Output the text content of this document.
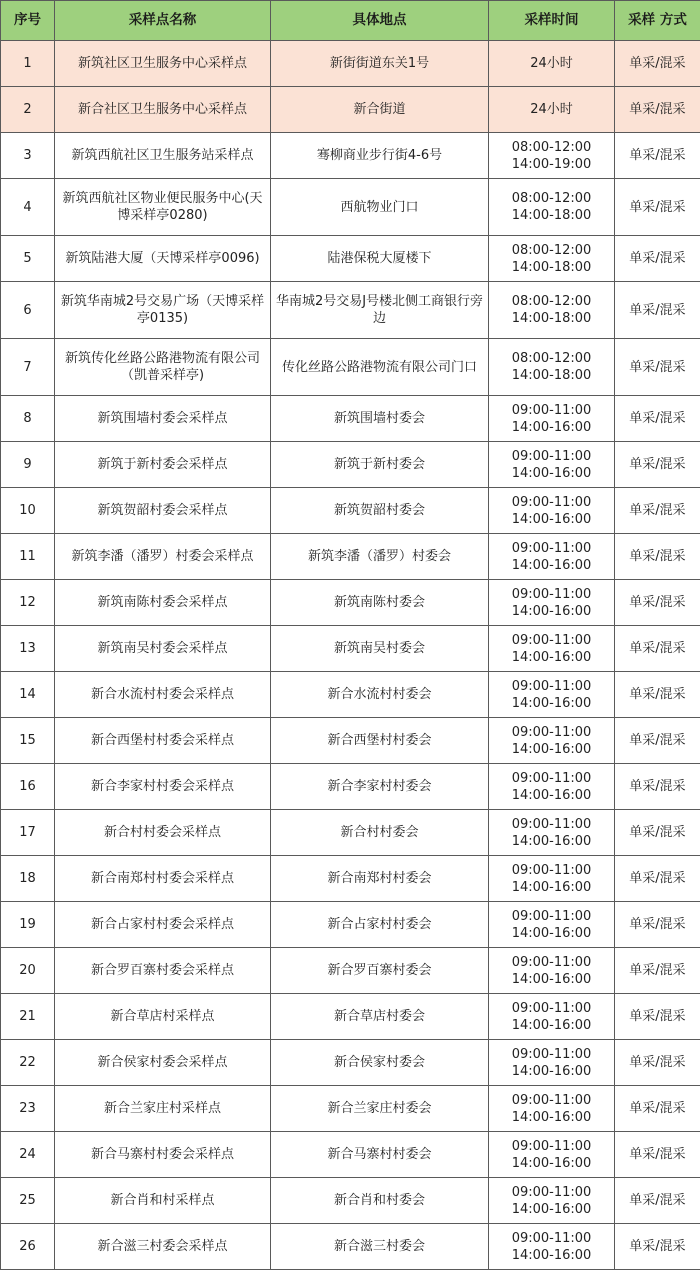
序号	采样点名称	具体地点	采样时间	采样 方式
1	新筑社区卫生服务中心采样点	新街街道东关1号	24小时	单采/混采
2	新合社区卫生服务中心采样点	新合街道	24小时	单采/混采
3	新筑西航社区卫生服务站采样点	骞柳商业步行街4-6号	08:00-12:00
14:00-19:00	单采/混采
4	新筑西航社区物业便民服务中心(天博采样亭0280)	西航物业门口	08:00-12:00
14:00-18:00	单采/混采
5	新筑陆港大厦（天博采样亭0096)	陆港保税大厦楼下	08:00-12:00
14:00-18:00	单采/混采
6	新筑华南城2号交易广场（天博采样亭0135)	华南城2号交易J号楼北侧工商银行旁边	08:00-12:00
14:00-18:00	单采/混采
7	新筑传化丝路公路港物流有限公司（凯普采样亭)	传化丝路公路港物流有限公司门口	08:00-12:00
14:00-18:00	单采/混采
8	新筑围墙村委会采样点	新筑围墙村委会	09:00-11:00
14:00-16:00	单采/混采
9	新筑于新村委会采样点	新筑于新村委会	09:00-11:00
14:00-16:00	单采/混采
10	新筑贺韶村委会采样点	新筑贺韶村委会	09:00-11:00
14:00-16:00	单采/混采
11	新筑李潘（潘罗）村委会采样点	新筑李潘（潘罗）村委会	09:00-11:00
14:00-16:00	单采/混采
12	新筑南陈村委会采样点	新筑南陈村委会	09:00-11:00
14:00-16:00	单采/混采
13	新筑南吴村委会采样点	新筑南吴村委会	09:00-11:00
14:00-16:00	单采/混采
14	新合水流村村委会采样点	新合水流村村委会	09:00-11:00
14:00-16:00	单采/混采
15	新合西堡村村委会采样点	新合西堡村村委会	09:00-11:00
14:00-16:00	单采/混采
16	新合李家村村委会采样点	新合李家村村委会	09:00-11:00
14:00-16:00	单采/混采
17	新合村村委会采样点	新合村村委会	09:00-11:00
14:00-16:00	单采/混采
18	新合南郑村村委会采样点	新合南郑村村委会	09:00-11:00
14:00-16:00	单采/混采
19	新合占家村村委会采样点	新合占家村村委会	09:00-11:00
14:00-16:00	单采/混采
20	新合罗百寨村委会采样点	新合罗百寨村委会	09:00-11:00
14:00-16:00	单采/混采
21	新合草店村采样点	新合草店村委会	09:00-11:00
14:00-16:00	单采/混采
22	新合侯家村委会采样点	新合侯家村委会	09:00-11:00
14:00-16:00	单采/混采
23	新合兰家庄村采样点	新合兰家庄村委会	09:00-11:00
14:00-16:00	单采/混采
24	新合马寨村村委会采样点	新合马寨村村委会	09:00-11:00
14:00-16:00	单采/混采
25	新合肖和村采样点	新合肖和村委会	09:00-11:00
14:00-16:00	单采/混采
26	新合滋三村委会采样点	新合滋三村委会	09:00-11:00
14:00-16:00	单采/混采
